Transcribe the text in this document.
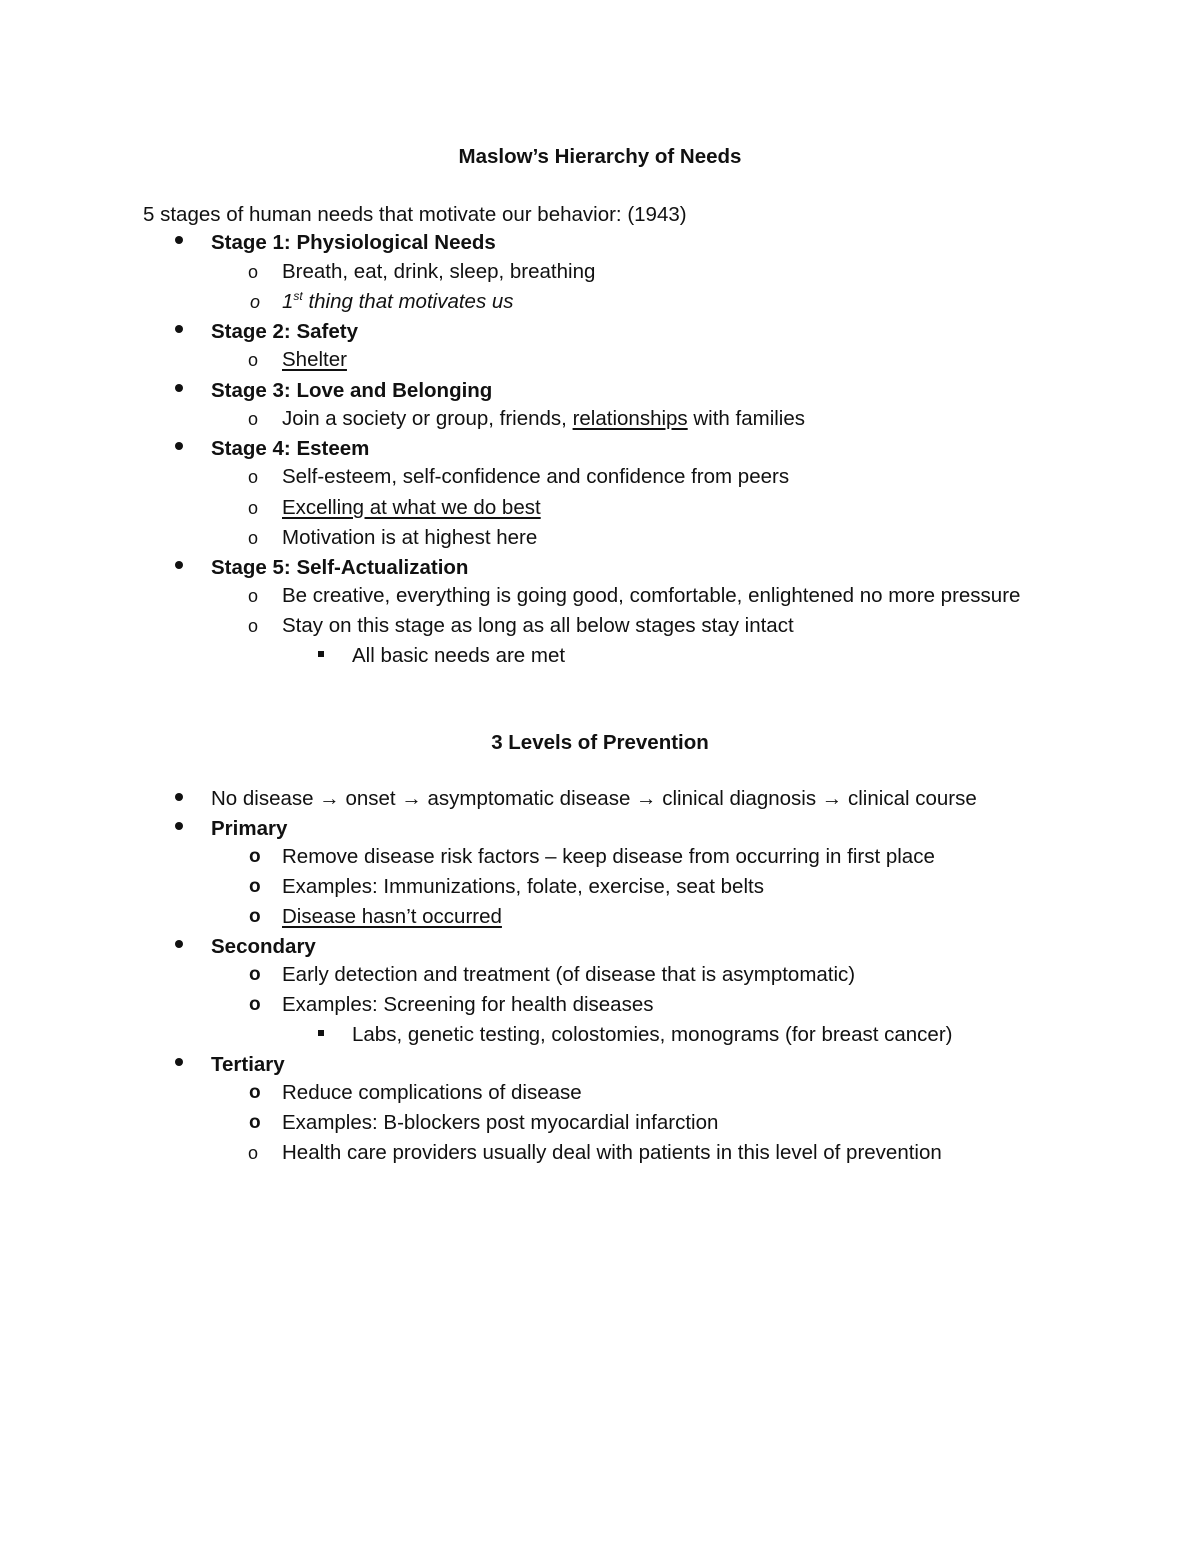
Maslow’s Hierarchy of Needs
5 stages of human needs that motivate our behavior: (1943)
Stage 1: Physiological Needs
o Breath, eat, drink, sleep, breathing
o 1st thing that motivates us
Stage 2: Safety
o Shelter
Stage 3: Love and Belonging
o Join a society or group, friends, relationships with families
Stage 4: Esteem
o Self-esteem, self-confidence and confidence from peers
o Excelling at what we do best
o Motivation is at highest here
Stage 5: Self-Actualization
o Be creative, everything is going good, comfortable, enlightened no more pressure
o Stay on this stage as long as all below stages stay intact
All basic needs are met
3 Levels of Prevention
No disease → onset → asymptomatic disease → clinical diagnosis → clinical course
Primary
o Remove disease risk factors – keep disease from occurring in first place
o Examples: Immunizations, folate, exercise, seat belts
o Disease hasn’t occurred
Secondary
o Early detection and treatment (of disease that is asymptomatic)
o Examples: Screening for health diseases
Labs, genetic testing, colostomies, monograms (for breast cancer)
Tertiary
o Reduce complications of disease
o Examples: B-blockers post myocardial infarction
o Health care providers usually deal with patients in this level of prevention
